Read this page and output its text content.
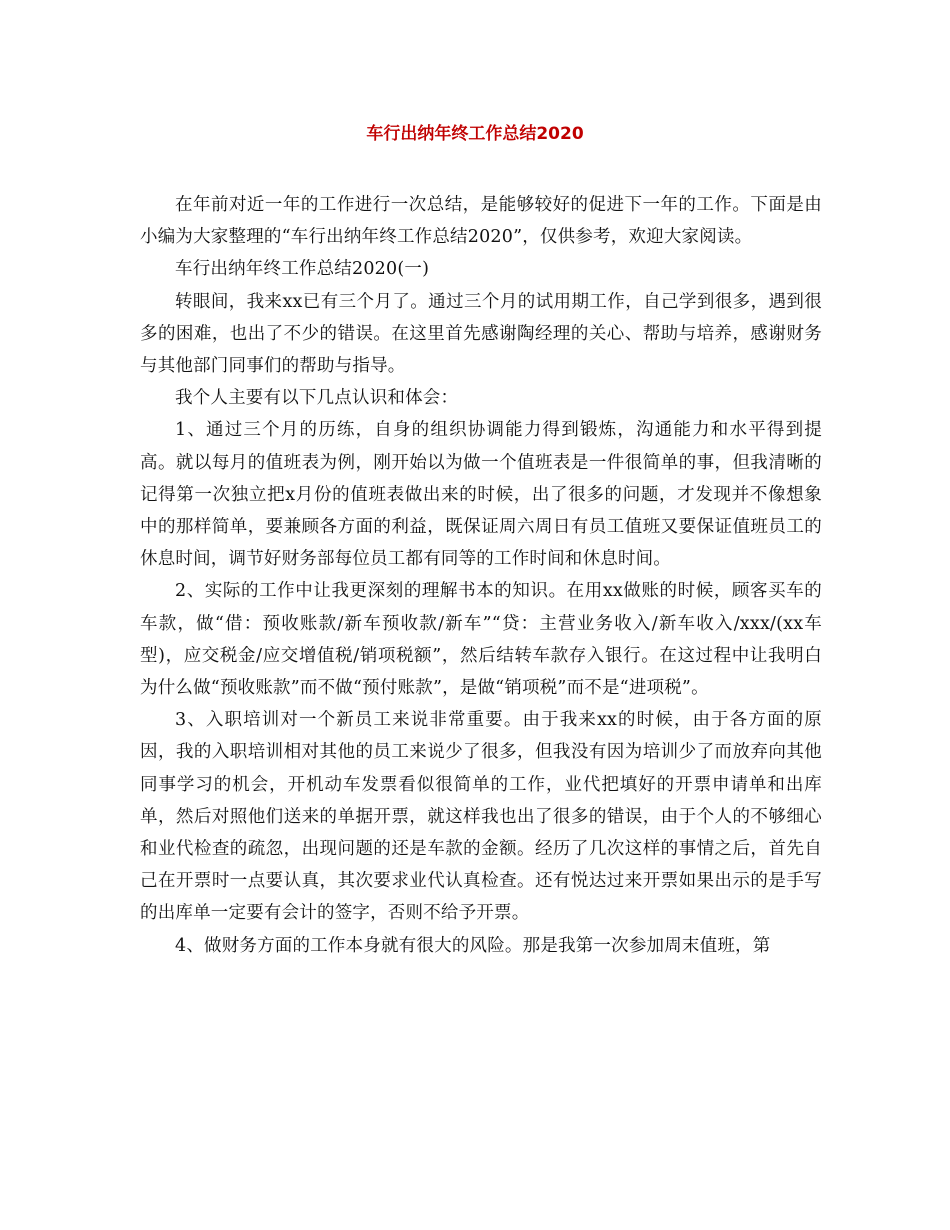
车行出纳年终工作总结2020

在年前对近一年的工作进行一次总结，是能够较好的促进下一年的工作。下面是由小编为大家整理的“车行出纳年终工作总结2020”，仅供参考，欢迎大家阅读。

车行出纳年终工作总结2020(一)

转眼间，我来xx已有三个月了。通过三个月的试用期工作，自己学到很多，遇到很多的困难，也出了不少的错误。在这里首先感谢陶经理的关心、帮助与培养，感谢财务与其他部门同事们的帮助与指导。

我个人主要有以下几点认识和体会：

1、通过三个月的历练，自身的组织协调能力得到锻炼，沟通能力和水平得到提高。就以每月的值班表为例，刚开始以为做一个值班表是一件很简单的事，但我清晰的记得第一次独立把x月份的值班表做出来的时候，出了很多的问题，才发现并不像想象中的那样简单，要兼顾各方面的利益，既保证周六周日有员工值班又要保证值班员工的休息时间，调节好财务部每位员工都有同等的工作时间和休息时间。

2、实际的工作中让我更深刻的理解书本的知识。在用xx做账的时候，顾客买车的车款，做“借：预收账款/新车预收款/新车”“贷：主营业务收入/新车收入/xxx/(xx车型)，应交税金/应交增值税/销项税额”，然后结转车款存入银行。在这过程中让我明白为什么做“预收账款”而不做“预付账款”，是做“销项税”而不是“进项税”。

3、入职培训对一个新员工来说非常重要。由于我来xx的时候，由于各方面的原因，我的入职培训相对其他的员工来说少了很多，但我没有因为培训少了而放弃向其他同事学习的机会，开机动车发票看似很简单的工作，业代把填好的开票申请单和出库单，然后对照他们送来的单据开票，就这样我也出了很多的错误，由于个人的不够细心和业代检查的疏忽，出现问题的还是车款的金额。经历了几次这样的事情之后，首先自己在开票时一点要认真，其次要求业代认真检查。还有悦达过来开票如果出示的是手写的出库单一定要有会计的签字，否则不给予开票。

4、做财务方面的工作本身就有很大的风险。那是我第一次参加周末值班，第
